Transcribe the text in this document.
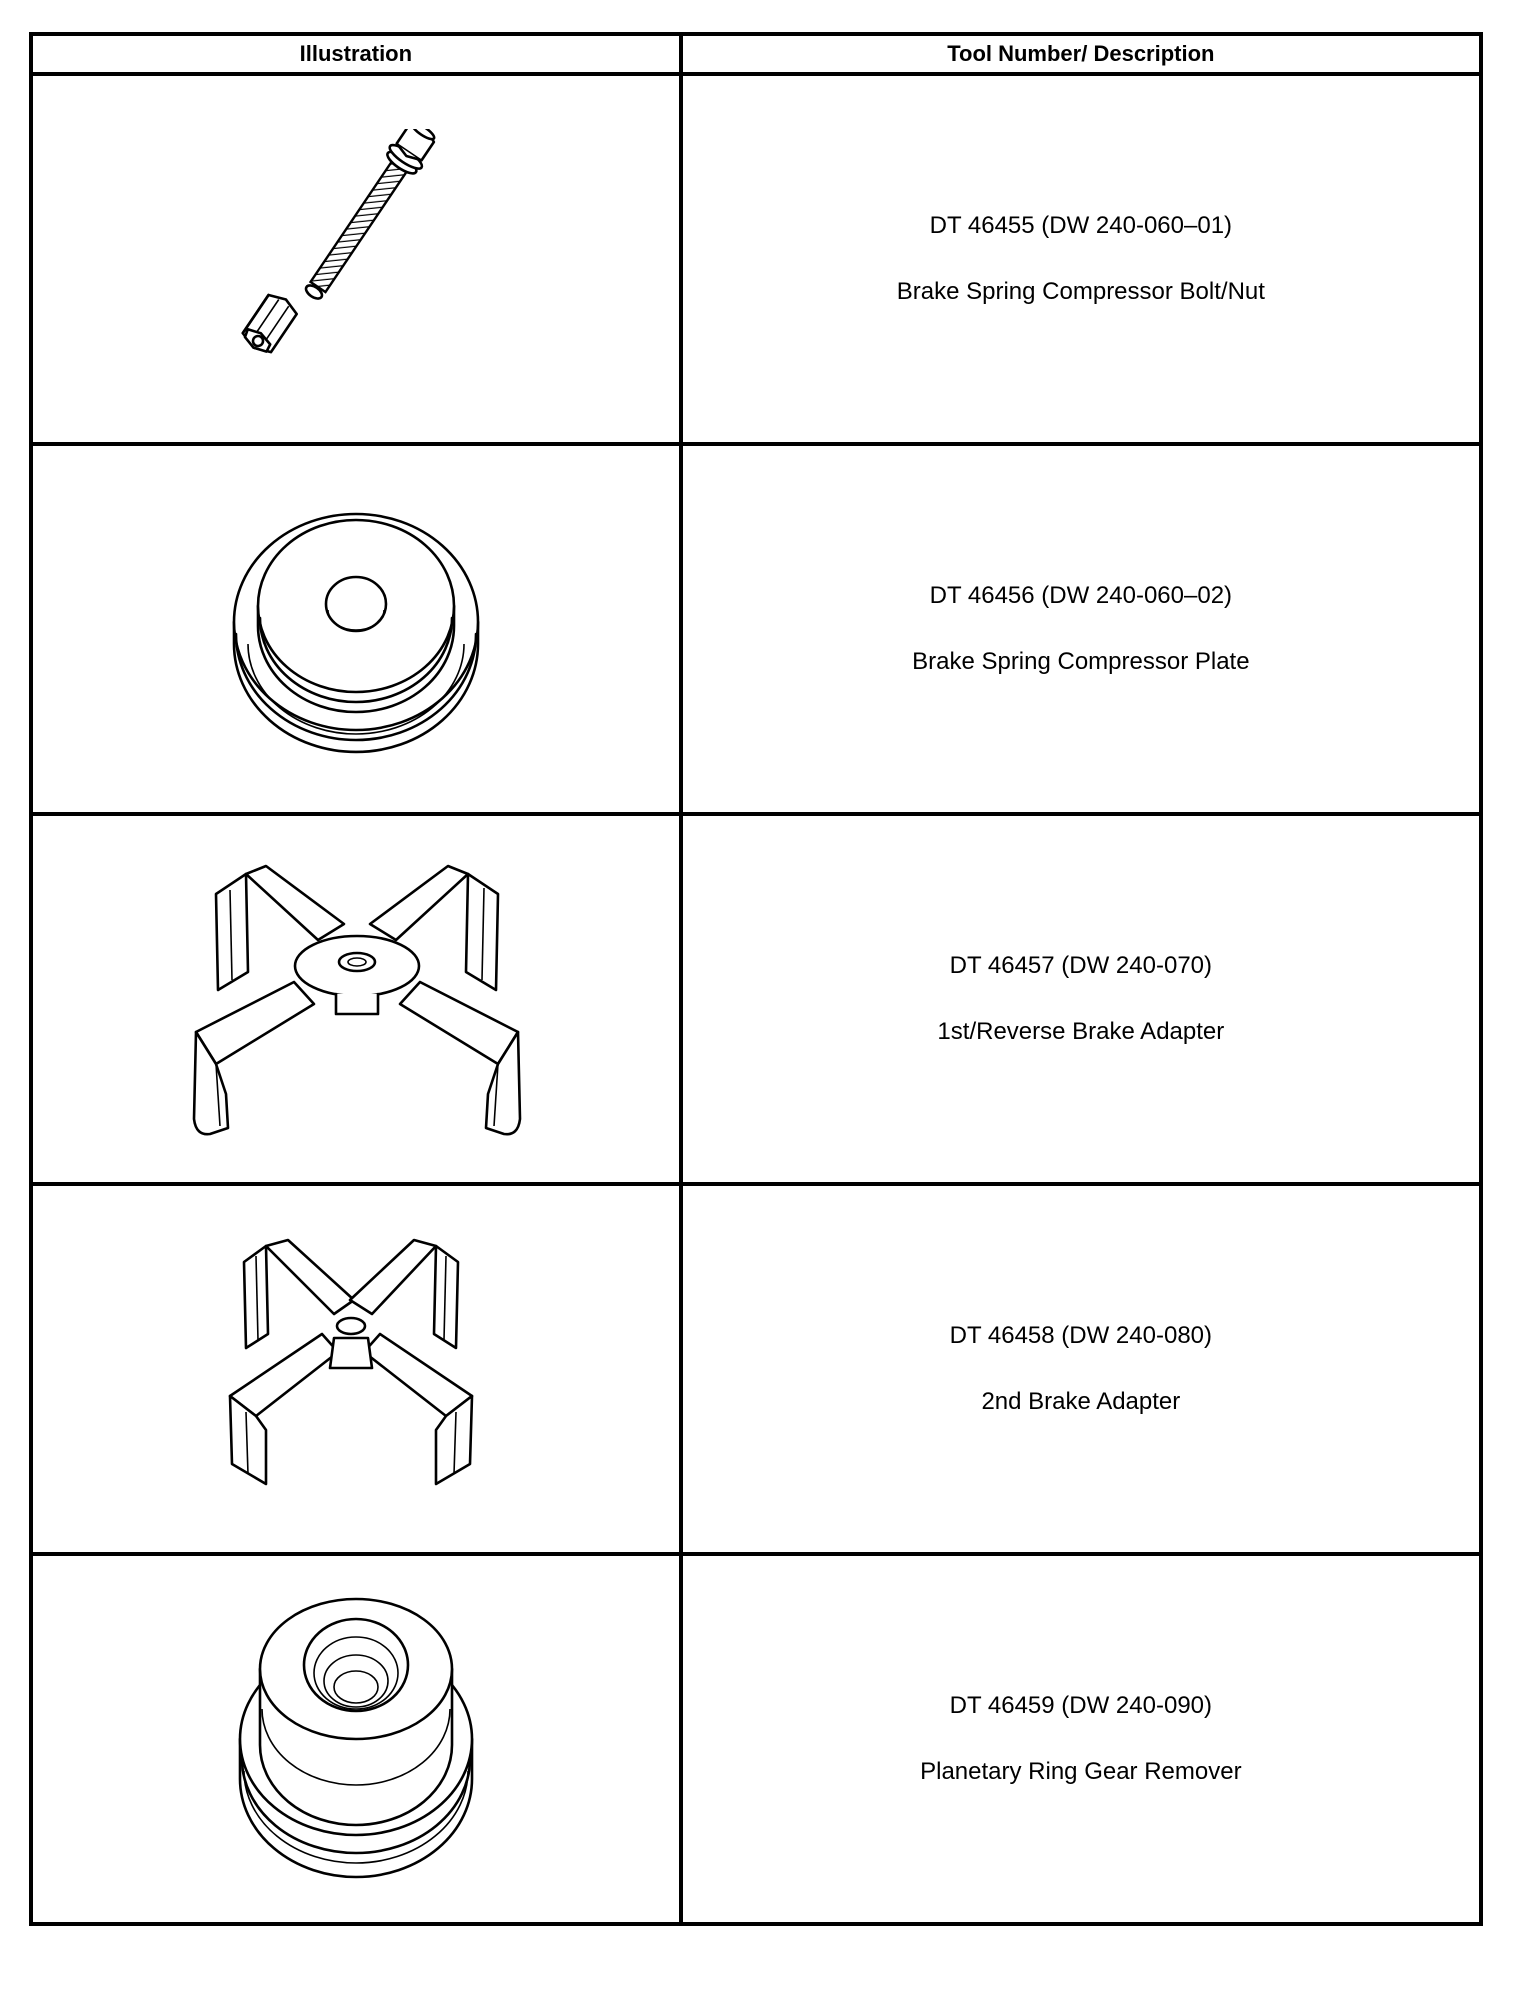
Illustration	Tool Number/ Description

DT 46455 (DW 240-060–01)
Brake Spring Compressor Bolt/Nut

DT 46456 (DW 240-060–02)
Brake Spring Compressor Plate

DT 46457 (DW 240-070)
1st/Reverse Brake Adapter

DT 46458 (DW 240-080)
2nd Brake Adapter

DT 46459 (DW 240-090)
Planetary Ring Gear Remover
